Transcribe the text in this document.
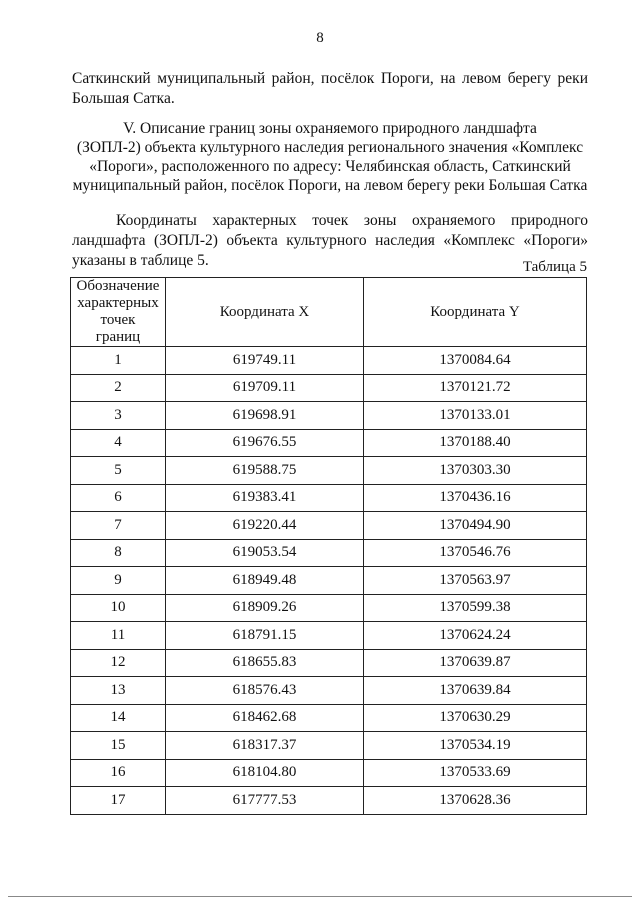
8
Саткинский муниципальный район, посёлок Пороги, на левом берегу реки
Большая Сатка.
V. Описание границ зоны охраняемого природного ландшафта
(ЗОПЛ-2) объекта культурного наследия регионального значения «Комплекс
«Пороги», расположенного по адресу: Челябинская область, Саткинский
муниципальный район, посёлок Пороги, на левом берегу реки Большая Сатка
Координаты характерных точек зоны охраняемого природного
ландшафта (ЗОПЛ-2) объекта культурного наследия «Комплекс «Пороги»
указаны в таблице 5.	Таблица 5
Обозначение
характерных
точек
границ	Координата X	Координата Y
1	619749.11	1370084.64
2	619709.11	1370121.72
3	619698.91	1370133.01
4	619676.55	1370188.40
5	619588.75	1370303.30
6	619383.41	1370436.16
7	619220.44	1370494.90
8	619053.54	1370546.76
9	618949.48	1370563.97
10	618909.26	1370599.38
11	618791.15	1370624.24
12	618655.83	1370639.87
13	618576.43	1370639.84
14	618462.68	1370630.29
15	618317.37	1370534.19
16	618104.80	1370533.69
17	617777.53	1370628.36
